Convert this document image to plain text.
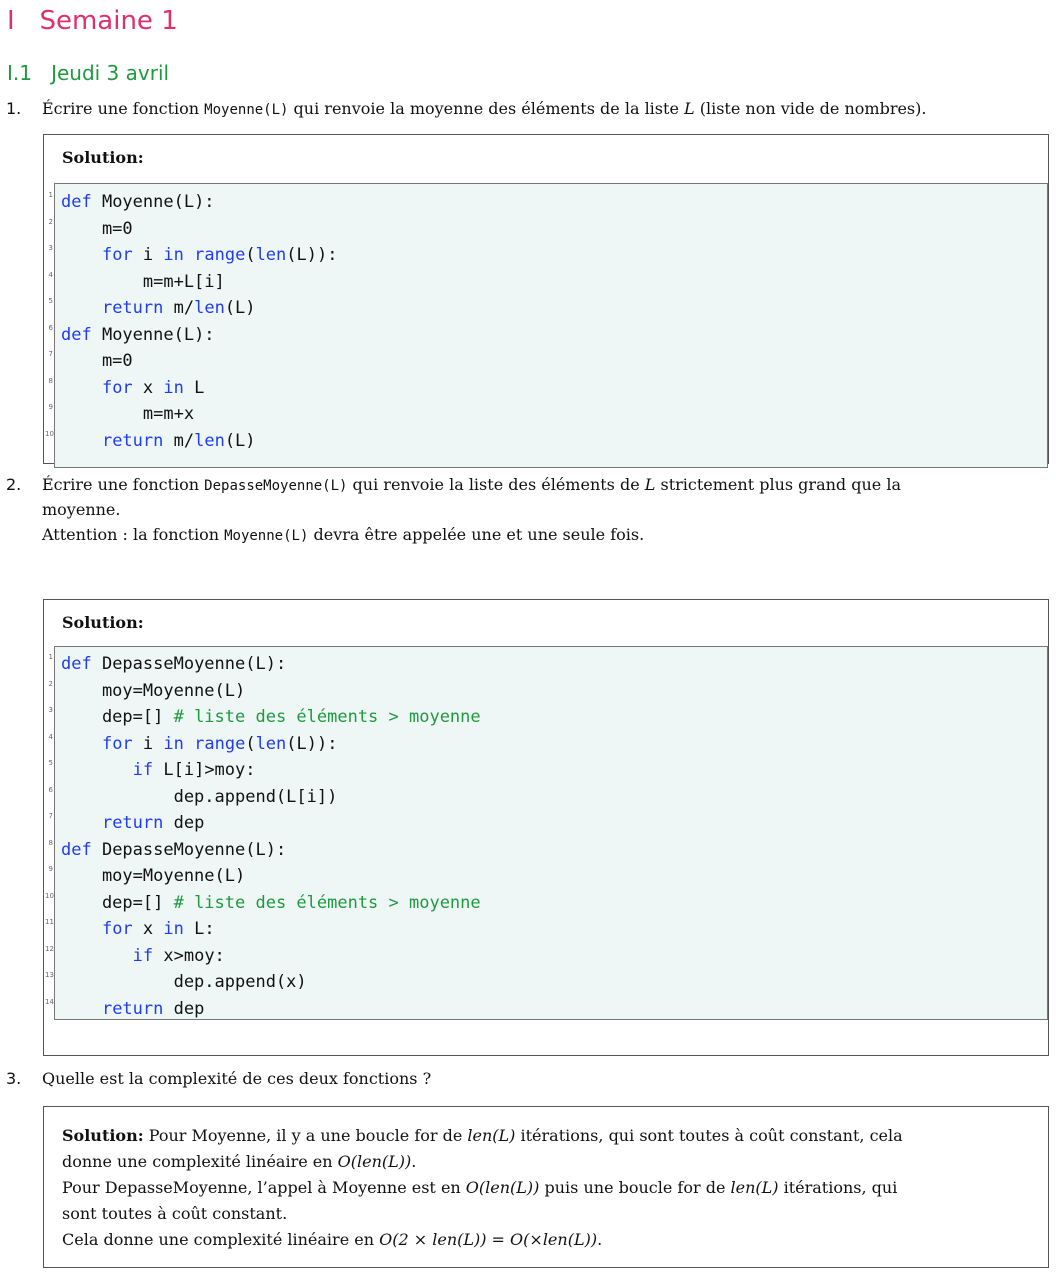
I Semaine 1
I.1 Jeudi 3 avril
1. Écrire une fonction Moyenne(L) qui renvoie la moyenne des éléments de la liste L (liste non vide de nombres).
Solution:
1 def Moyenne(L):
2 m=0
3	for i in range(len(L)):
4 m=m+L[i]
5	return m/len(L)
6 def Moyenne(L):
7 m=0
8	for x in L
9 m=m+x
10	return m/len(L)
2. Écrire une fonction DepasseMoyenne(L) qui renvoie la liste des éléments de L strictement plus grand que la
moyenne.
Attention : la fonction Moyenne(L) devra être appelée une et une seule fois.
Solution:
1 def DepasseMoyenne(L):
2 moy=Moyenne(L)
3 dep=[] # liste des éléments > moyenne
4	for i in range(len(L)):
5	if L[i]>moy:
6 dep.append(L[i])
7	return dep
8 def DepasseMoyenne(L):
9 moy=Moyenne(L)
10 dep=[] # liste des éléments > moyenne
11	for x in L:
12	if x>moy:
13 dep.append(x)
14	return dep
3. Quelle est la complexité de ces deux fonctions ?
Solution: Pour Moyenne, il y a une boucle for de len(L) itérations, qui sont toutes à coût constant, cela
donne une complexité linéaire en O(len(L)).
Pour DepasseMoyenne, l’appel à Moyenne est en O(len(L)) puis une boucle for de len(L) itérations, qui
sont toutes à coût constant.
Cela donne une complexité linéaire en O(2 × len(L)) = O(×len(L)).
